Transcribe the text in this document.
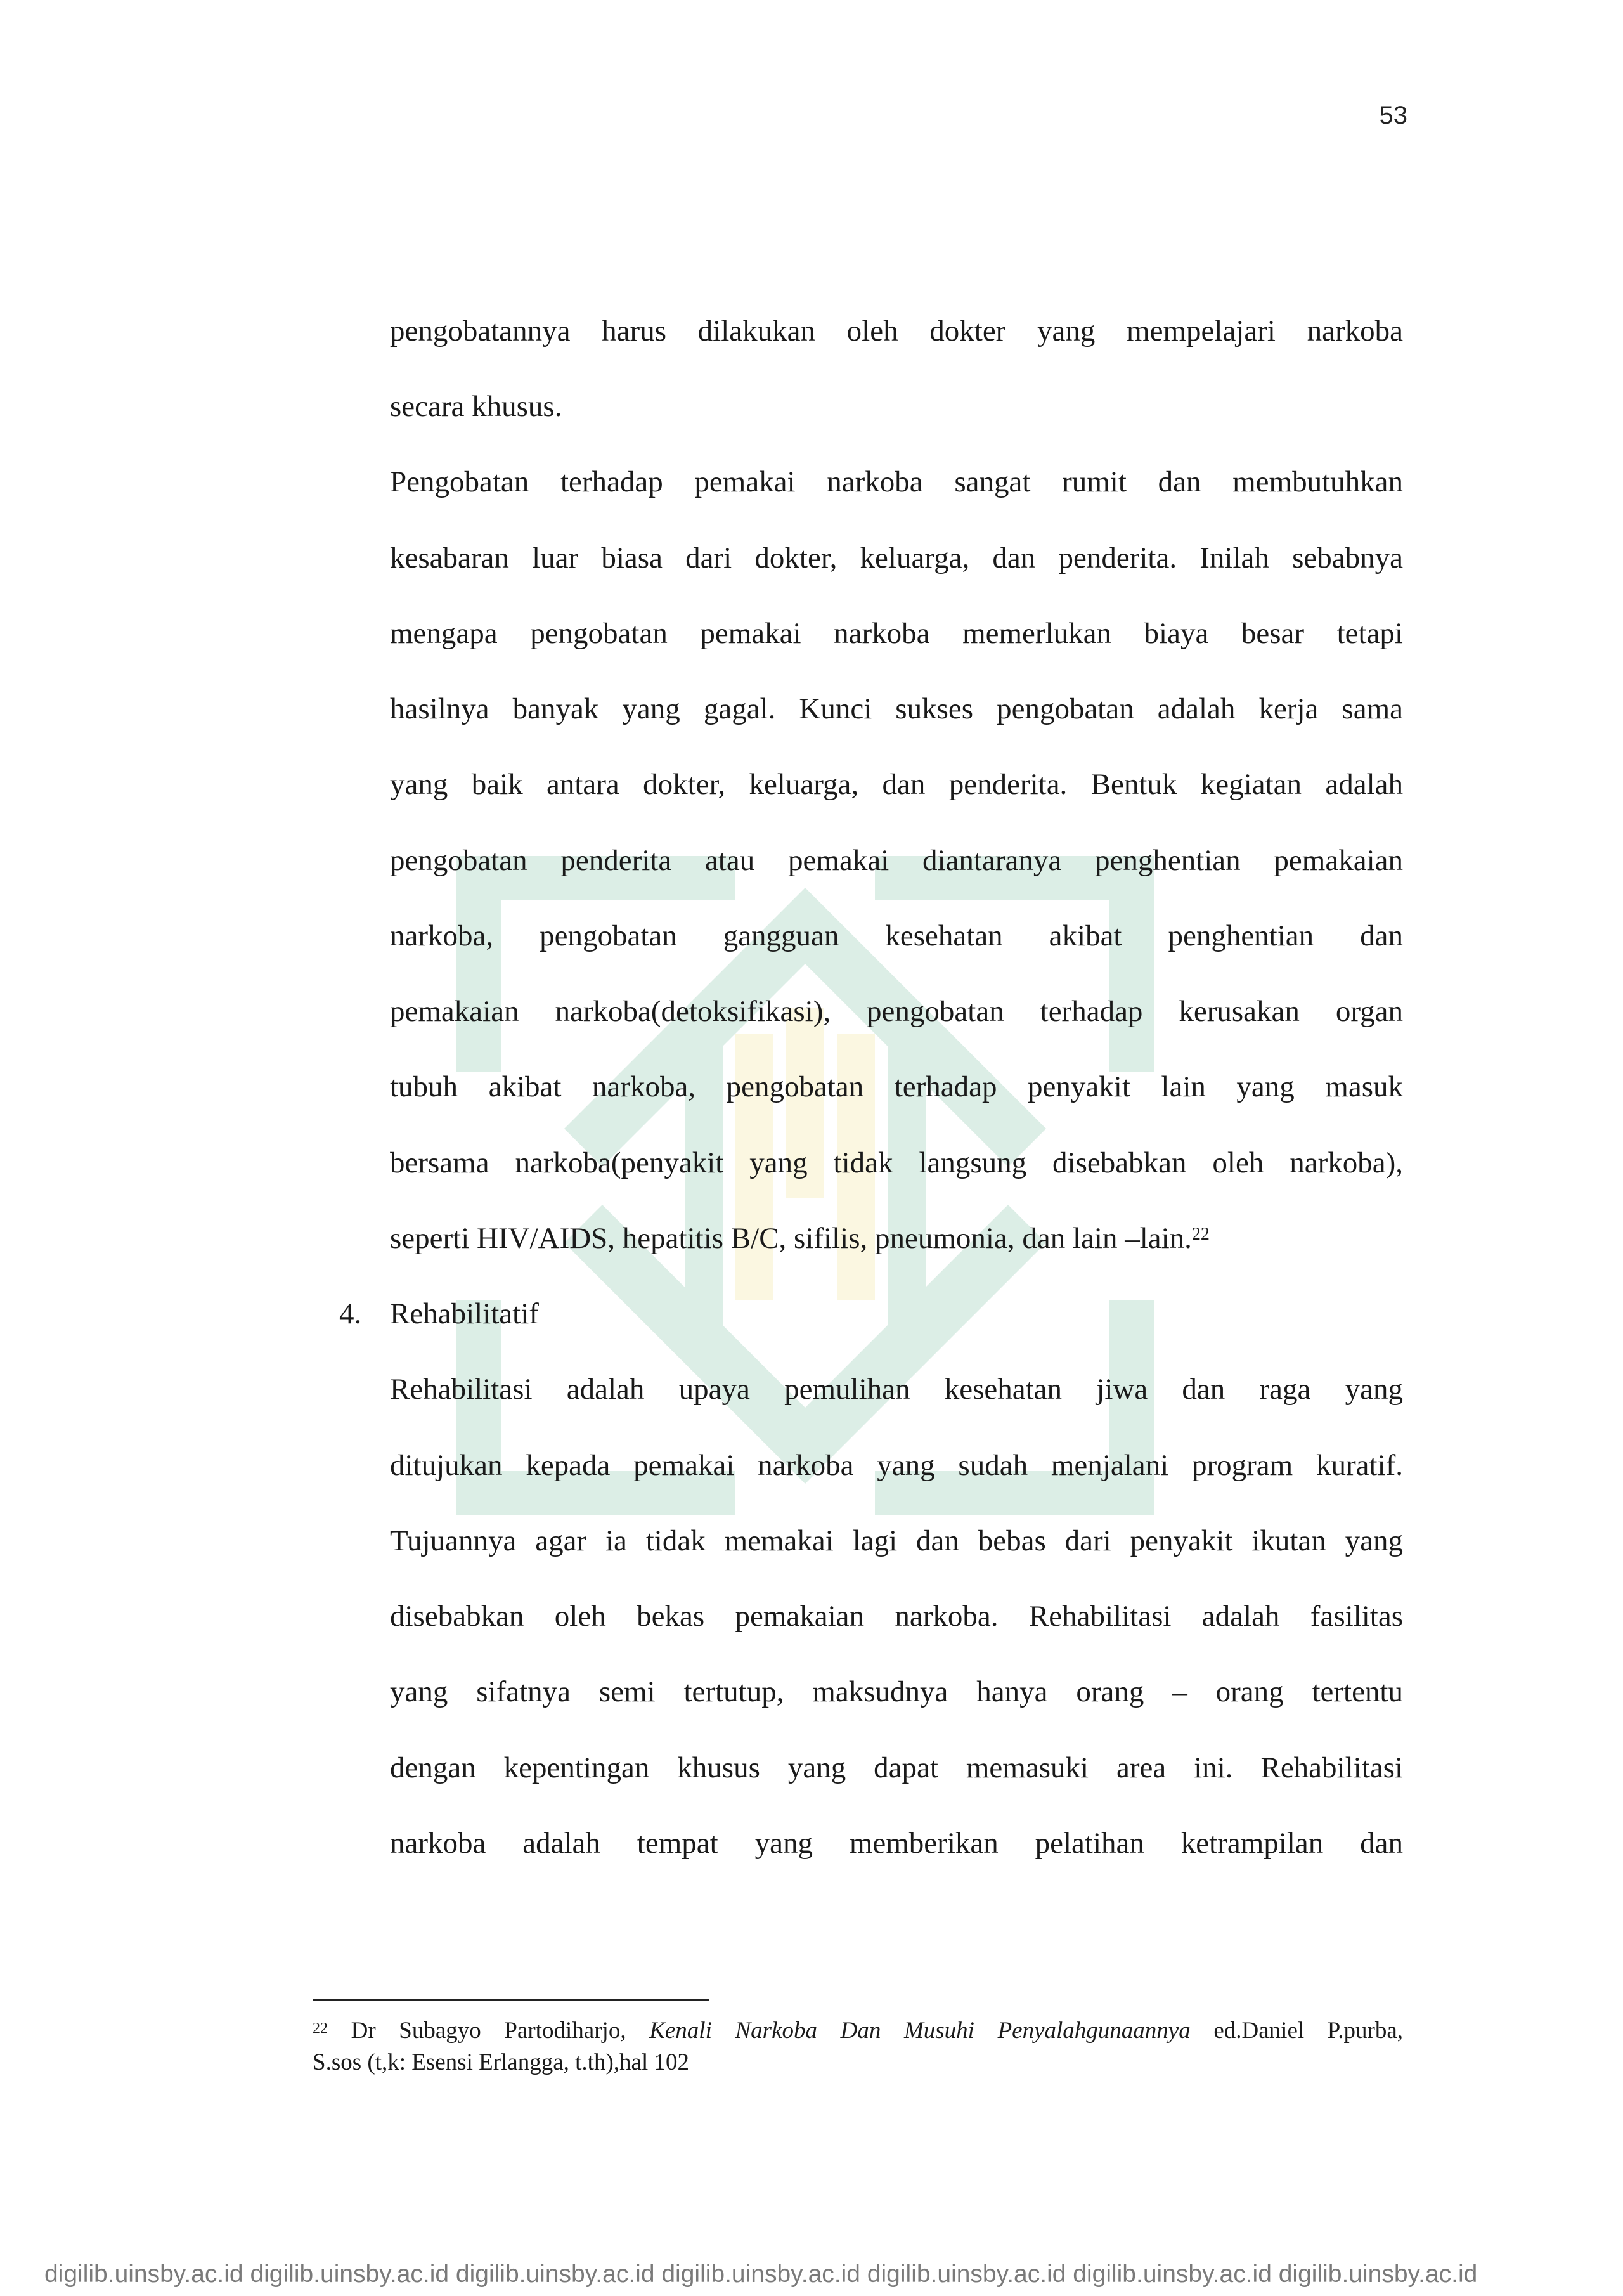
53
pengobatannya harus dilakukan oleh dokter yang mempelajari narkoba
secara khusus.
Pengobatan terhadap pemakai narkoba sangat rumit dan membutuhkan
kesabaran luar biasa dari dokter, keluarga, dan penderita. Inilah sebabnya
mengapa pengobatan pemakai narkoba memerlukan biaya besar tetapi
hasilnya banyak yang gagal. Kunci sukses pengobatan adalah kerja sama
yang baik antara dokter, keluarga, dan penderita. Bentuk kegiatan adalah
pengobatan penderita atau pemakai diantaranya penghentian pemakaian
narkoba, pengobatan gangguan kesehatan akibat penghentian dan
pemakaian narkoba(detoksifikasi), pengobatan terhadap kerusakan organ
tubuh akibat narkoba, pengobatan terhadap penyakit lain yang masuk
bersama narkoba(penyakit yang tidak langsung disebabkan oleh narkoba),
seperti HIV/AIDS, hepatitis B/C, sifilis, pneumonia, dan lain –lain.$^{22}$
4. Rehabilitatif
Rehabilitasi adalah upaya pemulihan kesehatan jiwa dan raga yang
ditujukan kepada pemakai narkoba yang sudah menjalani program kuratif.
Tujuannya agar ia tidak memakai lagi dan bebas dari penyakit ikutan yang
disebabkan oleh bekas pemakaian narkoba. Rehabilitasi adalah fasilitas
yang sifatnya semi tertutup, maksudnya hanya orang – orang tertentu
dengan kepentingan khusus yang dapat memasuki area ini. Rehabilitasi
narkoba adalah tempat yang memberikan pelatihan ketrampilan dan
$^{22}$ Dr Subagyo Partodiharjo, Kenali Narkoba Dan Musuhi Penyalahgunaannya ed.Daniel P.purba,
S.sos (t,k: Esensi Erlangga, t.th),hal 102
digilib.uinsby.ac.id digilib.uinsby.ac.id digilib.uinsby.ac.id digilib.uinsby.ac.id digilib.uinsby.ac.id digilib.uinsby.ac.id digilib.uinsby.ac.id
